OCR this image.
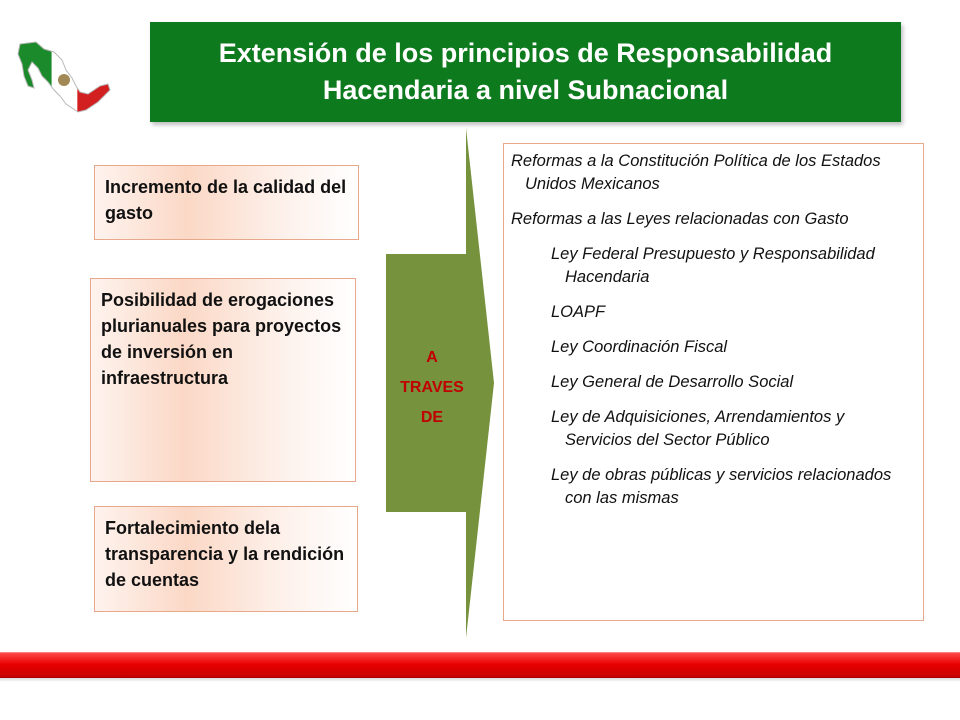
Extensión de los principios de Responsabilidad
Hacendaria a nivel Subnacional
Incremento de la calidad del gasto
Posibilidad de erogaciones plurianuales para proyectos de inversión en infraestructura
Fortalecimiento dela transparencia y la rendición de cuentas
A
TRAVES
DE
Reformas a la Constitución Política de los Estados Unidos Mexicanos
Reformas a las Leyes relacionadas con Gasto
Ley Federal Presupuesto y Responsabilidad Hacendaria
LOAPF
Ley Coordinación Fiscal
Ley General de Desarrollo Social
Ley de Adquisiciones, Arrendamientos y Servicios del Sector Público
Ley de obras públicas y servicios relacionados con las mismas
